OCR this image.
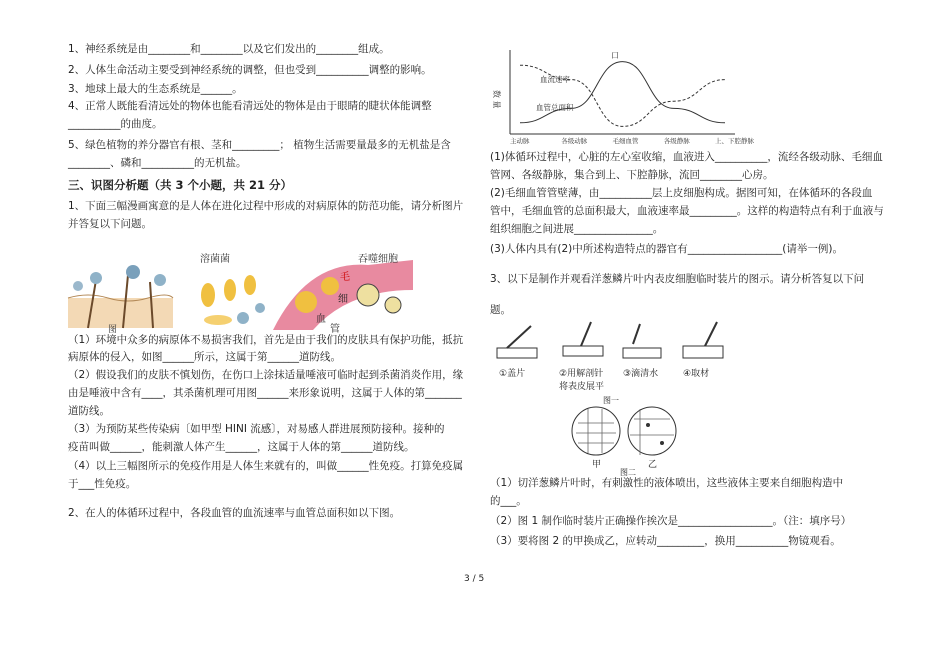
1、神经系统是由________和________以及它们发出的________组成。
2、人体生命活动主要受到神经系统的调整，但也受到__________调整的影响。
3、地球上最大的生态系统是______。
4、正常人既能看清远处的物体也能看清远处的物体是由于眼睛的睫状体能调整
__________的曲度。
5、绿色植物的养分器官有根、茎和_________； 植物生活需要量最多的无机盐是含
________、磷和__________的无机盐。
三、识图分析题（共 3 个小题，共 21 分）
1、下面三幅漫画寓意的是人体在进化过程中形成的对病原体的防范功能，请分析图片
并答复以下问题。
溶菌菌	吞噬细胞
毛
细
血
管
图
（1）环境中众多的病原体不易损害我们，首先是由于我们的皮肤具有保护功能，抵抗
病原体的侵入，如图______所示，这属于第______道防线。
（2）假设我们的皮肤不慎划伤，在伤口上涂抹适量唾液可临时起到杀菌消炎作用，缘
由是唾液中含有____，其杀菌机理可用图______来形象说明，这属于人体的第_______
道防线。
（3）为预防某些传染病〔如甲型 HINI 流感〕，对易感人群进展预防接种。接种的
疫苗叫做______，能刺激人体产生______，这属于人体的第______道防线。
（4）以上三幅图所示的免疫作用是人体生来就有的，叫做______性免疫。打算免疫属
于___性免疫。
2、在人的体循环过程中，各段血管的血流速率与血管总面积如以下图。
数 量
血流速率
血管总面积
口
主动脉	各级动脉	毛细血管	各级静脉	上、下腔静脉
(1)体循环过程中，心脏的左心室收缩，血液进入__________，流经各级动脉、毛细血
管网、各级静脉，集合到上、下腔静脉，流回________心房。
(2)毛细血管管壁薄，由__________层上皮细胞构成。据图可知，在体循环的各段血
管中，毛细血管的总面积最大，血液速率最_________。这样的构造特点有利于血液与
组织细胞之间进展_______________。
(3)人体内具有(2)中所述构造特点的器官有__________________(请举一例)。
3、以下是制作并观看洋葱鳞片叶内表皮细胞临时装片的图示。请分析答复以下问
题。
①盖片	②用解剖针
将表皮展平
③滴清水	④取材
图一
甲	乙
图二
（1）切洋葱鳞片叶时，有刺激性的液体喷出，这些液体主要来自细胞构造中
的___。
（2）图 1 制作临时装片正确操作挨次是__________________。（注：填序号）
（3）要将图 2 的甲换成乙，应转动_________，换用__________物镜观看。
3 / 5
